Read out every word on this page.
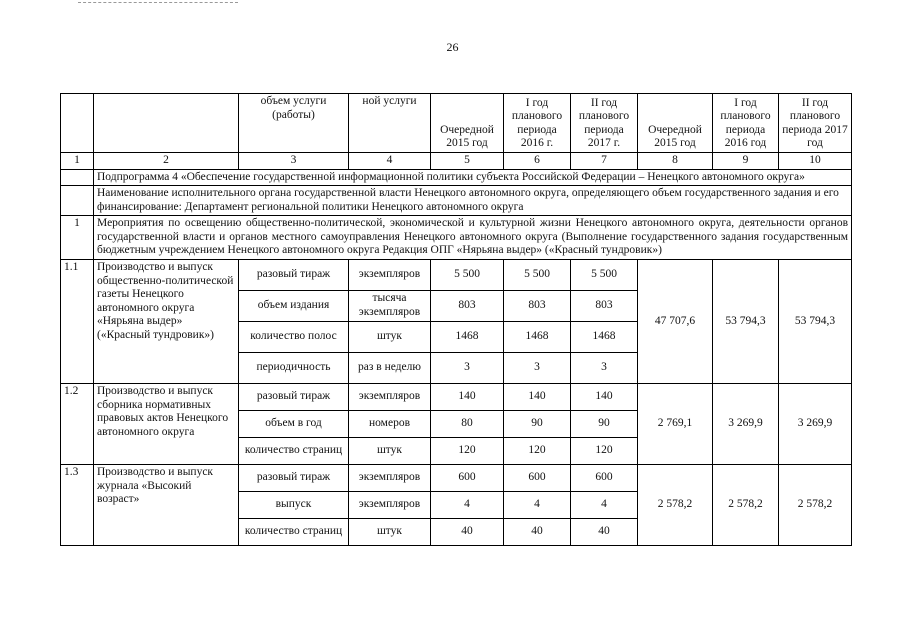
26
		объем услуги (работы)	ной услуги	Очередной 2015 год	I год планового периода 2016 г.	II год планового периода 2017 г.	Очередной 2015 год	I год планового периода 2016 год	II год планового периода 2017 год
1	2	3	4	5	6	7	8	9	10
	Подпрограмма 4 «Обеспечение государственной информационной политики субъекта Российской Федерации – Ненецкого автономного округа»								
	Наименование исполнительного органа государственной власти Ненецкого автономного округа, определяющего объем государственного задания и его финансирование: Департамент региональной политики Ненецкого автономного округа								
1	Мероприятия по освещению общественно-политической, экономической и культурной жизни Ненецкого автономного округа, деятельности органов государственной власти и органов местного самоуправления Ненецкого автономного округа (Выполнение государственного задания государственным бюджетным учреждением Ненецкого автономного округа Редакция ОПГ «Нярьяна выдер» («Красный тундровик»)								
1.1	Производство и выпуск общественно-политической газеты Ненецкого автономного округа «Нярьяна выдер» («Красный тундровик»)	разовый тираж	экземпляров	5 500	5 500	5 500	47 707,6	53 794,3	53 794,3
		объем издания	тысяча экземпляров	803	803	803			
		количество полос	штук	1468	1468	1468			
		периодичность	раз в неделю	3	3	3			
1.2	Производство и выпуск сборника нормативных правовых актов Ненецкого автономного округа	разовый тираж	экземпляров	140	140	140	2 769,1	3 269,9	3 269,9
		объем в год	номеров	80	90	90			
		количество страниц	штук	120	120	120			
1.3	Производство и выпуск журнала «Высокий возраст»	разовый тираж	экземпляров	600	600	600	2 578,2	2 578,2	2 578,2
		выпуск	экземпляров	4	4	4			
		количество страниц	штук	40	40	40			
